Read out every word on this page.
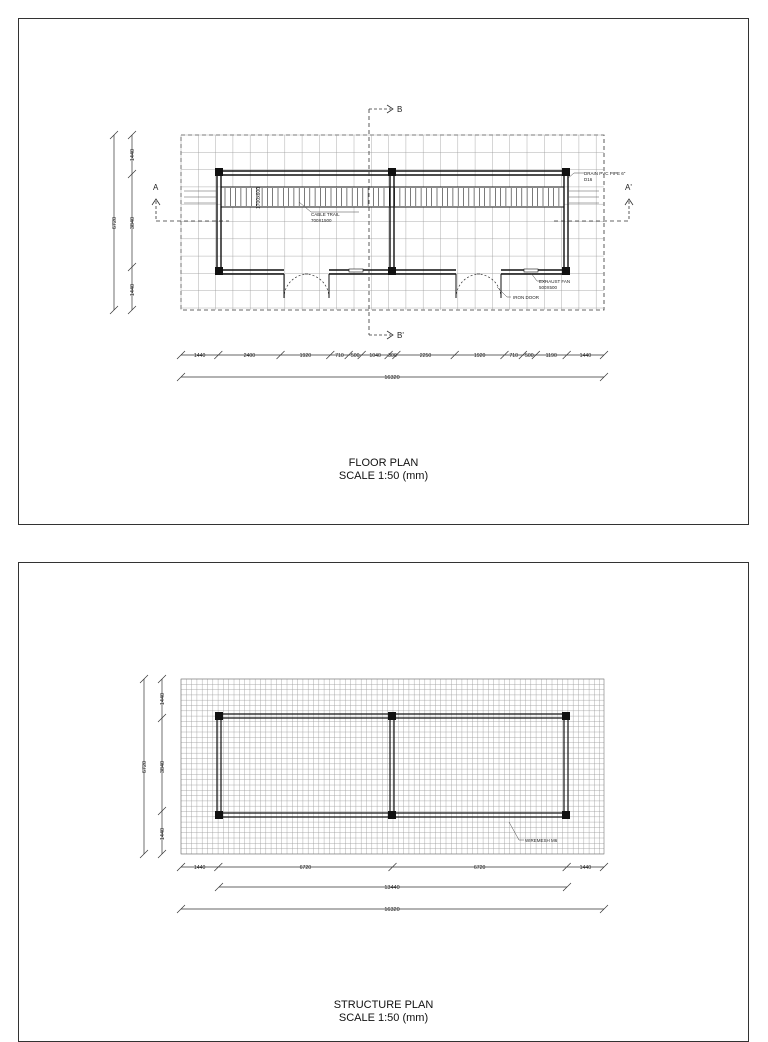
B
B'
A	A'
CABLE TRAIL
700X1500
DRAIN PVC PIPE 6"
D16
EXHAUST FAN
500X500
IRON DOOR
1700x600
1440
3840
1440
6720
1440	2400	1920	710 500 1040 300	2250	1920	710 500 1190	1440
16320
FLOOR PLAN
SCALE 1:50 (mm)
WIREMESH M6
1440
3840
1440
6720
1440	6720	6720	1440
13440
16320
STRUCTURE PLAN
SCALE 1:50 (mm)
